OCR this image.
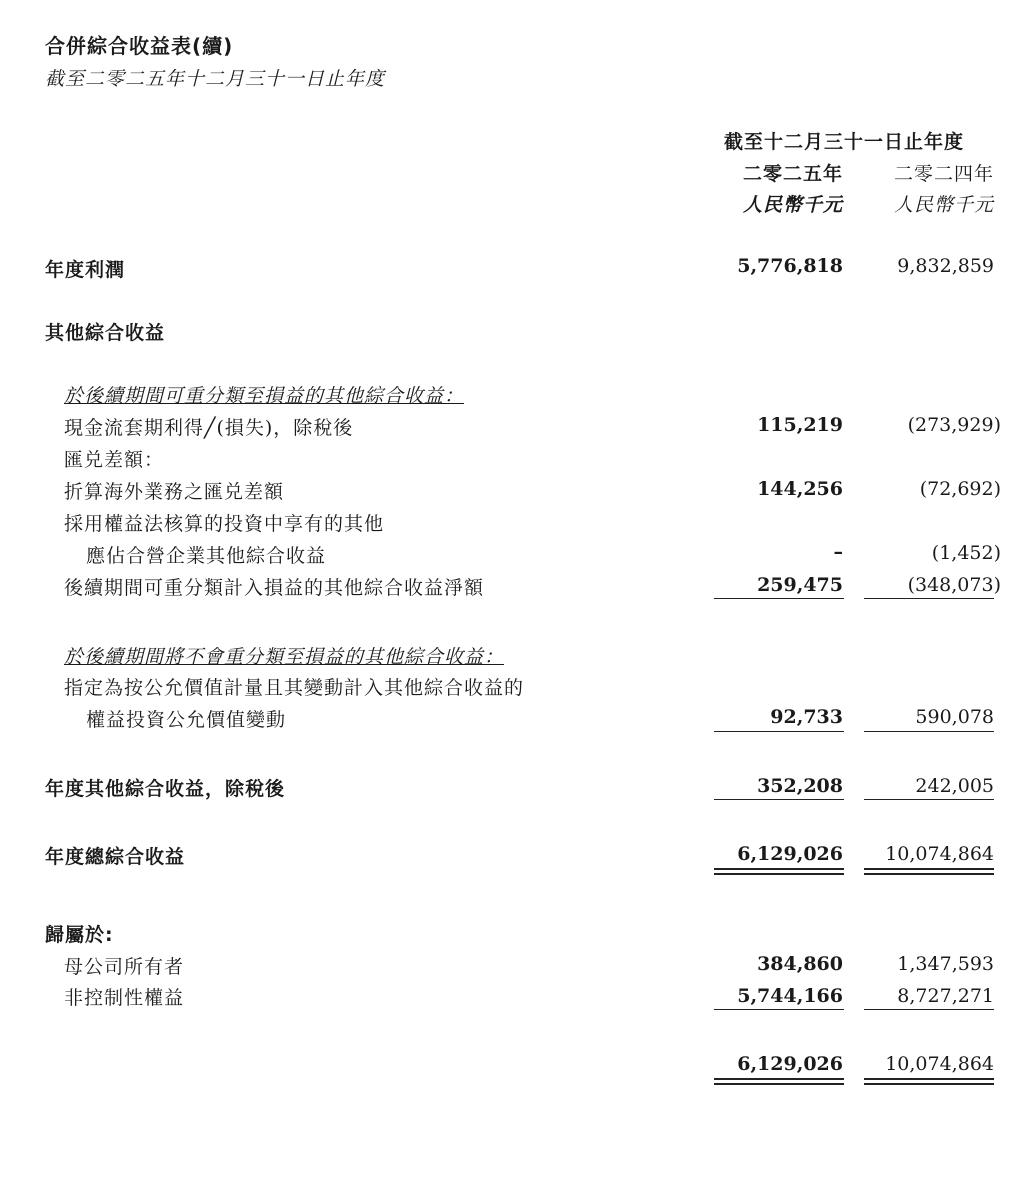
合併綜合收益表(續)
截至二零二五年十二月三十一日止年度
截至十二月三十一日止年度
二零二五年	二零二四年
人民幣千元	人民幣千元
年度利潤	5,776,818	9,832,859
其他綜合收益
於後續期間可重分類至損益的其他綜合收益：
現金流套期利得╱(損失)，除稅後	115,219	(273,929)
匯兑差額：
折算海外業務之匯兑差額	144,256	(72,692)
採用權益法核算的投資中享有的其他
應佔合營企業其他綜合收益	–	(1,452)
後續期間可重分類計入損益的其他綜合收益淨額	259,475	(348,073)
於後續期間將不會重分類至損益的其他綜合收益：
指定為按公允價值計量且其變動計入其他綜合收益的
權益投資公允價值變動	92,733	590,078
年度其他綜合收益，除稅後	352,208	242,005
年度總綜合收益	6,129,026 10,074,864
歸屬於:
母公司所有者	384,860	1,347,593
非控制性權益	5,744,166	8,727,271
6,129,026 10,074,864
